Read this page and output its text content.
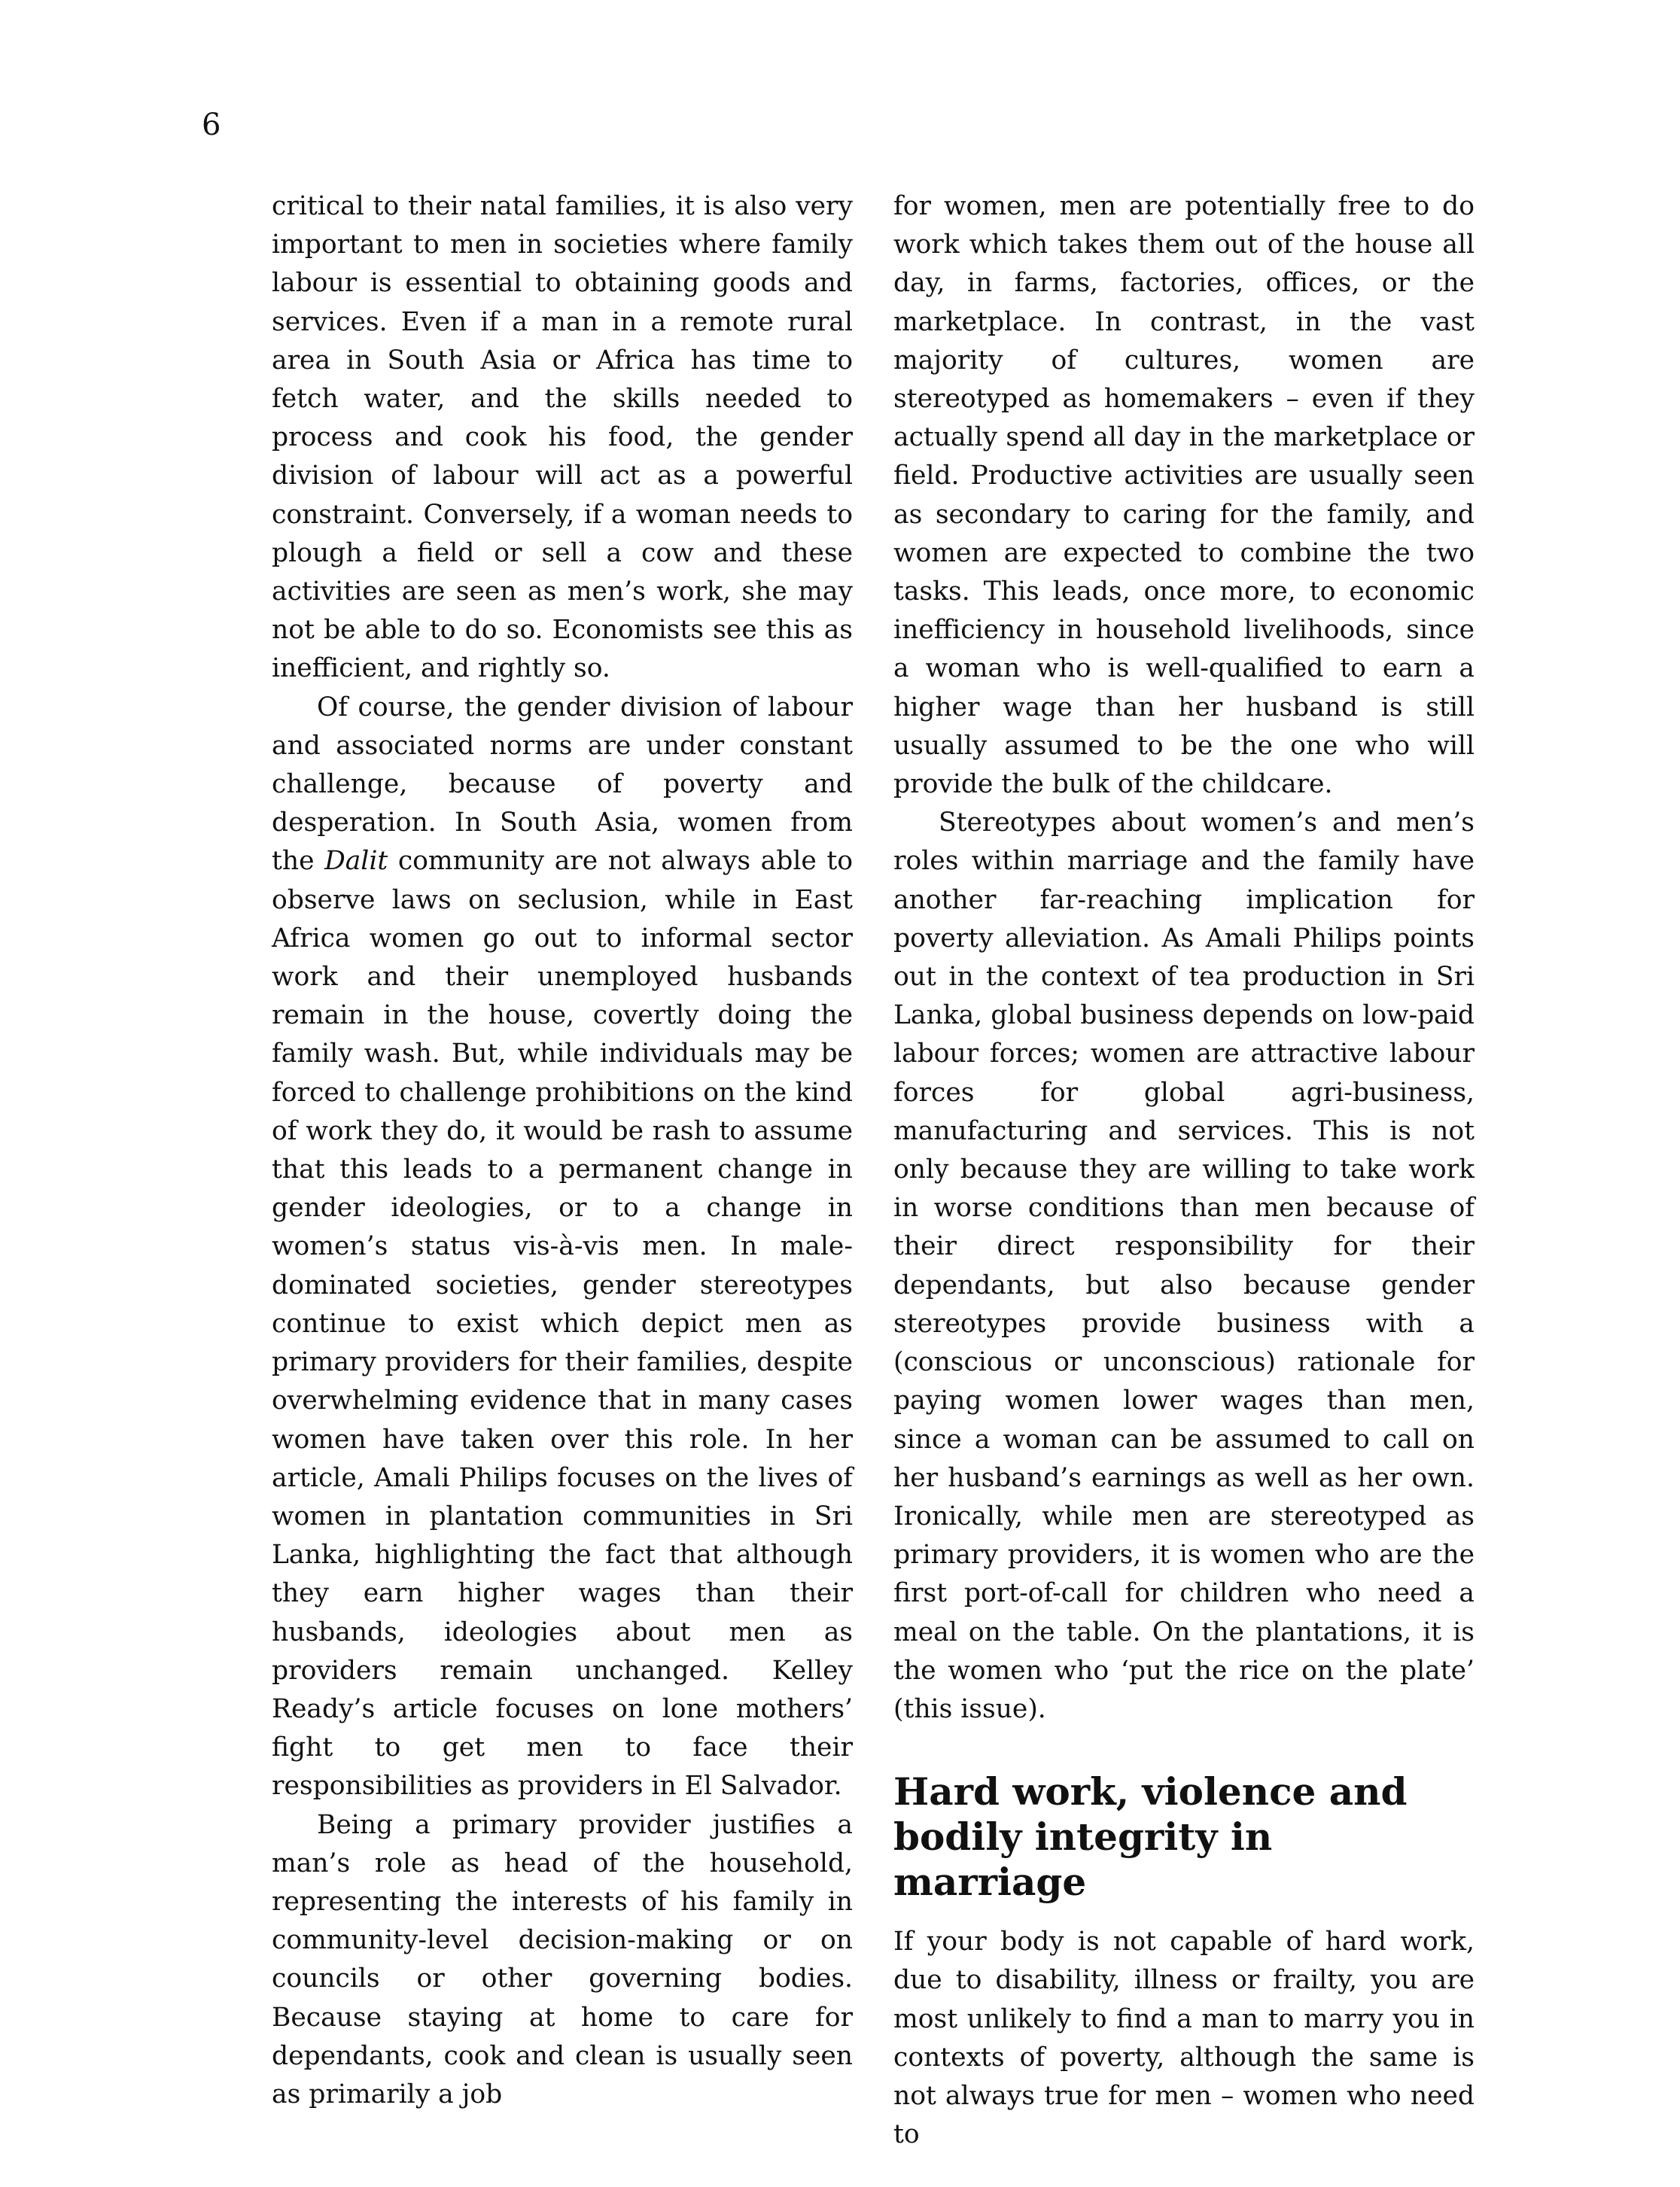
6

critical to their natal families, it is also very important to men in societies where family labour is essential to obtaining goods and services. Even if a man in a remote rural area in South Asia or Africa has time to fetch water, and the skills needed to process and cook his food, the gender division of labour will act as a powerful constraint. Conversely, if a woman needs to plough a field or sell a cow and these activities are seen as men’s work, she may not be able to do so. Economists see this as inefficient, and rightly so.

Of course, the gender division of labour and associated norms are under constant challenge, because of poverty and desperation. In South Asia, women from the Dalit community are not always able to observe laws on seclusion, while in East Africa women go out to informal sector work and their unemployed husbands remain in the house, covertly doing the family wash. But, while individuals may be forced to challenge prohibitions on the kind of work they do, it would be rash to assume that this leads to a permanent change in gender ideologies, or to a change in women’s status vis-à-vis men. In male-dominated societies, gender stereotypes continue to exist which depict men as primary providers for their families, despite overwhelming evidence that in many cases women have taken over this role. In her article, Amali Philips focuses on the lives of women in plantation communities in Sri Lanka, highlighting the fact that although they earn higher wages than their husbands, ideologies about men as providers remain unchanged. Kelley Ready’s article focuses on lone mothers’ fight to get men to face their responsibilities as providers in El Salvador.

Being a primary provider justifies a man’s role as head of the household, representing the interests of his family in community-level decision-making or on councils or other governing bodies. Because staying at home to care for dependants, cook and clean is usually seen as primarily a job

for women, men are potentially free to do work which takes them out of the house all day, in farms, factories, offices, or the marketplace. In contrast, in the vast majority of cultures, women are stereotyped as homemakers – even if they actually spend all day in the marketplace or field. Productive activities are usually seen as secondary to caring for the family, and women are expected to combine the two tasks. This leads, once more, to economic inefficiency in household livelihoods, since a woman who is well-qualified to earn a higher wage than her husband is still usually assumed to be the one who will provide the bulk of the childcare.

Stereotypes about women’s and men’s roles within marriage and the family have another far-reaching implication for poverty alleviation. As Amali Philips points out in the context of tea production in Sri Lanka, global business depends on low-paid labour forces; women are attractive labour forces for global agri-business, manufacturing and services. This is not only because they are willing to take work in worse conditions than men because of their direct responsibility for their dependants, but also because gender stereotypes provide business with a (conscious or unconscious) rationale for paying women lower wages than men, since a woman can be assumed to call on her husband’s earnings as well as her own. Ironically, while men are stereotyped as primary providers, it is women who are the first port-of-call for children who need a meal on the table. On the plantations, it is the women who ‘put the rice on the plate’ (this issue).

Hard work, violence and bodily integrity in marriage

If your body is not capable of hard work, due to disability, illness or frailty, you are most unlikely to find a man to marry you in contexts of poverty, although the same is not always true for men – women who need to
